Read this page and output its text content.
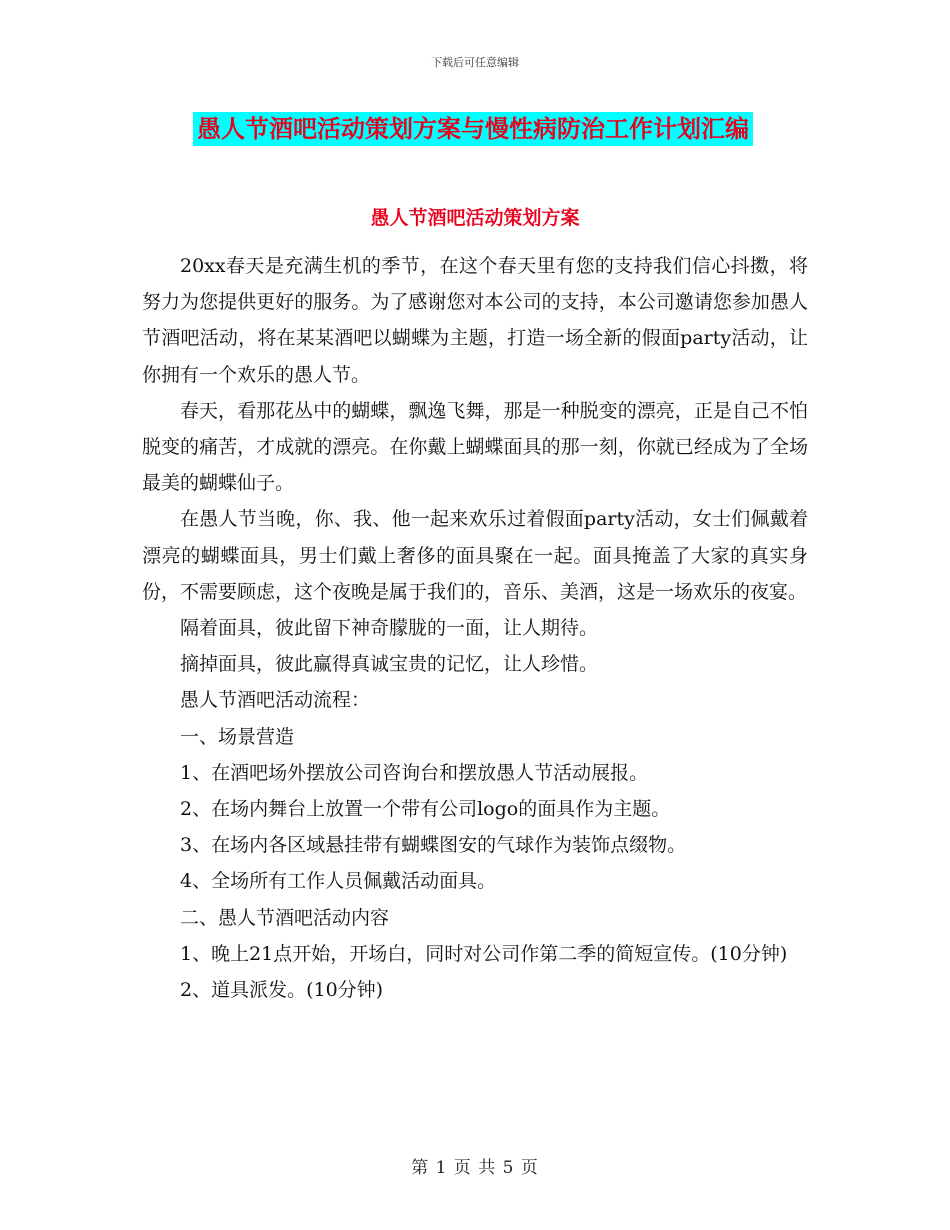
下载后可任意编辑
愚人节酒吧活动策划方案与慢性病防治工作计划汇编
愚人节酒吧活动策划方案

20xx春天是充满生机的季节，在这个春天里有您的支持我们信心抖擞，将努力为您提供更好的服务。为了感谢您对本公司的支持，本公司邀请您参加愚人节酒吧活动，将在某某酒吧以蝴蝶为主题，打造一场全新的假面party活动，让你拥有一个欢乐的愚人节。

春天，看那花丛中的蝴蝶，飘逸飞舞，那是一种脱变的漂亮，正是自己不怕脱变的痛苦，才成就的漂亮。在你戴上蝴蝶面具的那一刻，你就已经成为了全场最美的蝴蝶仙子。

在愚人节当晚，你、我、他一起来欢乐过着假面party活动，女士们佩戴着漂亮的蝴蝶面具，男士们戴上奢侈的面具聚在一起。面具掩盖了大家的真实身份，不需要顾虑，这个夜晚是属于我们的，音乐、美酒，这是一场欢乐的夜宴。

隔着面具，彼此留下神奇朦胧的一面，让人期待。

摘掉面具，彼此赢得真诚宝贵的记忆，让人珍惜。

愚人节酒吧活动流程：

一、场景营造

1、在酒吧场外摆放公司咨询台和摆放愚人节活动展报。

2、在场内舞台上放置一个带有公司logo的面具作为主题。

3、在场内各区域悬挂带有蝴蝶图安的气球作为装饰点缀物。

4、全场所有工作人员佩戴活动面具。

二、愚人节酒吧活动内容

1、晚上21点开始，开场白，同时对公司作第二季的简短宣传。(10分钟)

2、道具派发。(10分钟)

第 1 页 共 5 页
